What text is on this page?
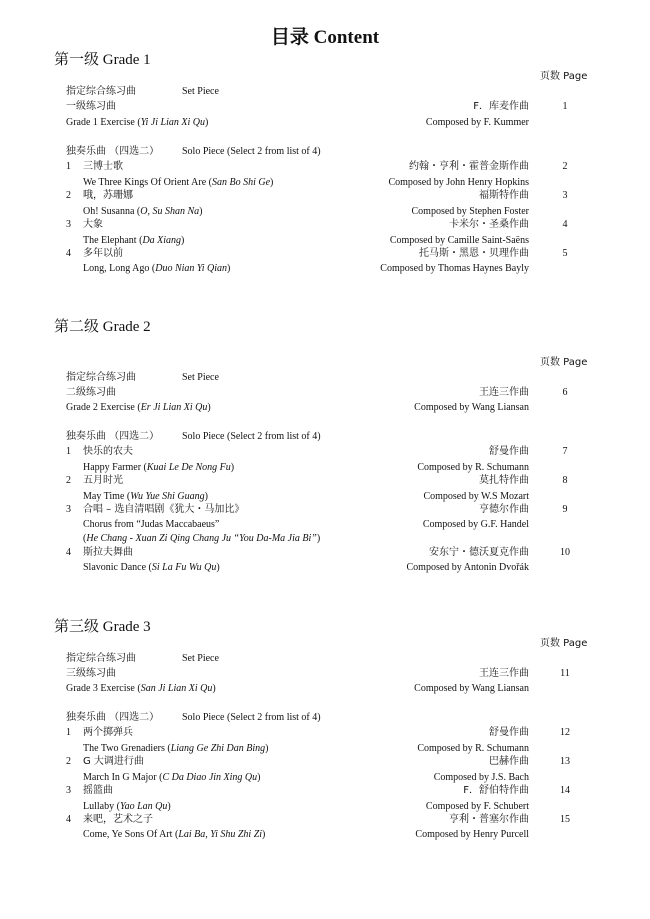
目录 Content
第一级 Grade 1
页数 Page
指定综合练习曲	Set Piece
一级练习曲	F．库麦作曲	1
Grade 1 Exercise (Yi Ji Lian Xi Qu)	Composed by F. Kummer
独奏乐曲 （四选二） Solo Piece (Select 2 from list of 4)
1 三博士歌	约翰・亨利・霍普金斯作曲	2
We Three Kings Of Orient Are (San Bo Shi Ge)	Composed by John Henry Hopkins
2 哦，苏珊娜	福斯特作曲	3
Oh! Susanna (O, Su Shan Na)	Composed by Stephen Foster
3 大象	卡米尔・圣桑作曲	4
The Elephant (Da Xiang)	Composed by Camille Saint-Saëns
4 多年以前	托马斯・黑恩・贝理作曲	5
Long, Long Ago (Duo Nian Yi Qian)	Composed by Thomas Haynes Bayly
第二级 Grade 2
页数 Page
指定综合练习曲	Set Piece
二级练习曲	王连三作曲	6
Grade 2 Exercise (Er Ji Lian Xi Qu)	Composed by Wang Liansan
独奏乐曲 （四选二） Solo Piece (Select 2 from list of 4)
1 快乐的农夫	舒曼作曲	7
Happy Farmer (Kuai Le De Nong Fu)	Composed by R. Schumann
2 五月时光	莫扎特作曲	8
May Time (Wu Yue Shi Guang)	Composed by W.S Mozart
3 合唱 – 选自清唱剧《犹大・马加比》	亨德尔作曲	9
Chorus from “Judas Maccabaeus”	Composed by G.F. Handel
(He Chang - Xuan Zi Qing Chang Ju “You Da-Ma Jia Bi”)
4 斯拉夫舞曲	安东宁・德沃夏克作曲	10
Slavonic Dance (Si La Fu Wu Qu)	Composed by Antonin Dvořák
第三级 Grade 3
页数 Page
指定综合练习曲	Set Piece
三级练习曲	王连三作曲	11
Grade 3 Exercise (San Ji Lian Xi Qu)	Composed by Wang Liansan
独奏乐曲 （四选二） Solo Piece (Select 2 from list of 4)
1 两个掷弹兵	舒曼作曲	12
The Two Grenadiers (Liang Ge Zhi Dan Bing)	Composed by R. Schumann
2 G 大调进行曲	巴赫作曲	13
March In G Major (C Da Diao Jin Xing Qu)	Composed by J.S. Bach
3 摇篮曲	F．舒伯特作曲	14
Lullaby (Yao Lan Qu)	Composed by F. Schubert
4 来吧，艺术之子	亨利・普塞尔作曲	15
Come, Ye Sons Of Art (Lai Ba, Yi Shu Zhi Zi)	Composed by Henry Purcell
